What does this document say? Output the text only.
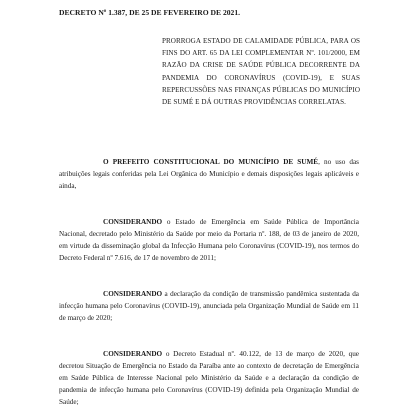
DECRETO Nº 1.387, DE 25 DE FEVEREIRO DE 2021.
PRORROGA ESTADO DE CALAMIDADE PÚBLICA, PARA OS FINS DO ART. 65 DA LEI COMPLEMENTAR Nº. 101/2000, EM RAZÃO DA CRISE DE SAÚDE PÚBLICA DECORRENTE DA PANDEMIA DO CORONAVÍRUS (COVID-19), E SUAS REPERCUSSÕES NAS FINANÇAS PÚBLICAS DO MUNICÍPIO DE SUMÉ E DÁ OUTRAS PROVIDÊNCIAS CORRELATAS.

O PREFEITO CONSTITUCIONAL DO MUNICÍPIO DE SUMÉ, no uso das atribuições legais conferidas pela Lei Orgânica do Município e demais disposições legais aplicáveis e ainda,

CONSIDERANDO o Estado de Emergência em Saúde Pública de Importância Nacional, decretado pelo Ministério da Saúde por meio da Portaria nº. 188, de 03 de janeiro de 2020, em virtude da disseminação global da Infecção Humana pelo Coronavírus (COVID-19), nos termos do Decreto Federal nº 7.616, de 17 de novembro de 2011;

CONSIDERANDO a declaração da condição de transmissão pandêmica sustentada da infecção humana pelo Coronavírus (COVID-19), anunciada pela Organização Mundial de Saúde em 11 de março de 2020;

CONSIDERANDO o Decreto Estadual nº. 40.122, de 13 de março de 2020, que decretou Situação de Emergência no Estado da Paraíba ante ao contexto de decretação de Emergência em Saúde Pública de Interesse Nacional pelo Ministério da Saúde e a declaração da condição de pandemia de infecção humana pelo Coronavírus (COVID-19) definida pela Organização Mundial de Saúde;
